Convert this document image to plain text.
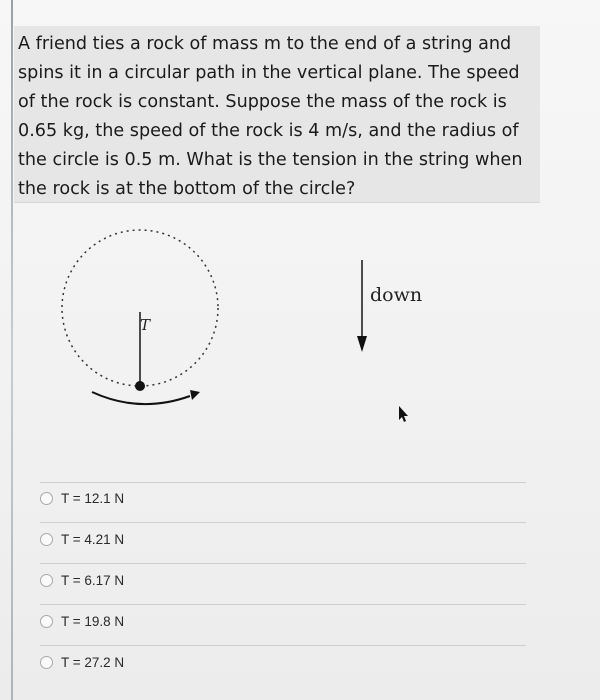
A friend ties a rock of mass m to the end of a string and spins it in a circular path in the vertical plane. The speed of the rock is constant. Suppose the mass of the rock is 0.65 kg, the speed of the rock is 4 m/s, and the radius of the circle is 0.5 m. What is the tension in the string when the rock is at the bottom of the circle?
T
down
T = 12.1 N
T = 4.21 N
T = 6.17 N
T = 19.8 N
T = 27.2 N
